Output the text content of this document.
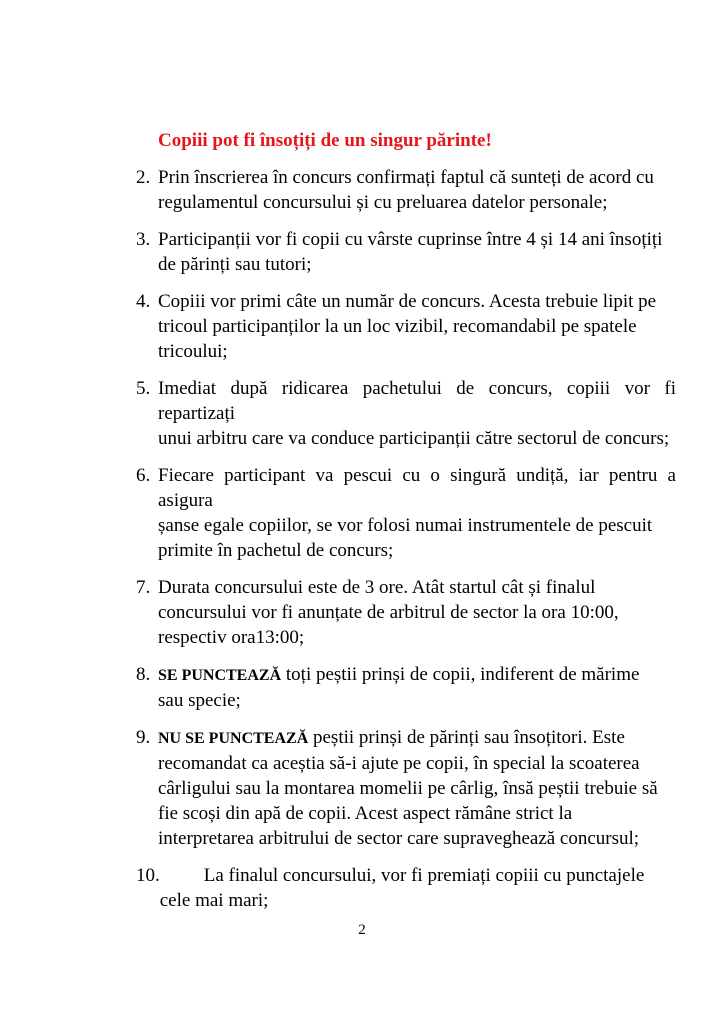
Copiii pot fi însoțiți de un singur părinte!
2. Prin înscrierea în concurs confirmați faptul că sunteți de acord cu
regulamentul concursului și cu preluarea datelor personale;
3. Participanții vor fi copii cu vârste cuprinse între 4 și 14 ani însoțiți
de părinți sau tutori;
4. Copiii vor primi câte un număr de concurs. Acesta trebuie lipit pe
tricoul participanților la un loc vizibil, recomandabil pe spatele
tricoului;
5. Imediat după ridicarea pachetului de concurs, copiii vor fi repartizați
unui arbitru care va conduce participanții către sectorul de concurs;
6. Fiecare participant va pescui cu o singură undiță, iar pentru a asigura
șanse egale copiilor, se vor folosi numai instrumentele de pescuit
primite în pachetul de concurs;
7. Durata concursului este de 3 ore. Atât startul cât și finalul
concursului vor fi anunțate de arbitrul de sector la ora 10:00,
respectiv ora13:00;
8. SE PUNCTEAZĂ toți peștii prinși de copii, indiferent de mărime
sau specie;
9. NU SE PUNCTEAZĂ peștii prinși de părinți sau însoțitori. Este
recomandat ca aceștia să-i ajute pe copii, în special la scoaterea
cârligului sau la montarea momelii pe cârlig, însă peștii trebuie să
fie scoși din apă de copii. Acest aspect rămâne strict la
interpretarea arbitrului de sector care supraveghează concursul;
10.	La finalul concursului, vor fi premiați copiii cu punctajele
cele mai mari;
2
